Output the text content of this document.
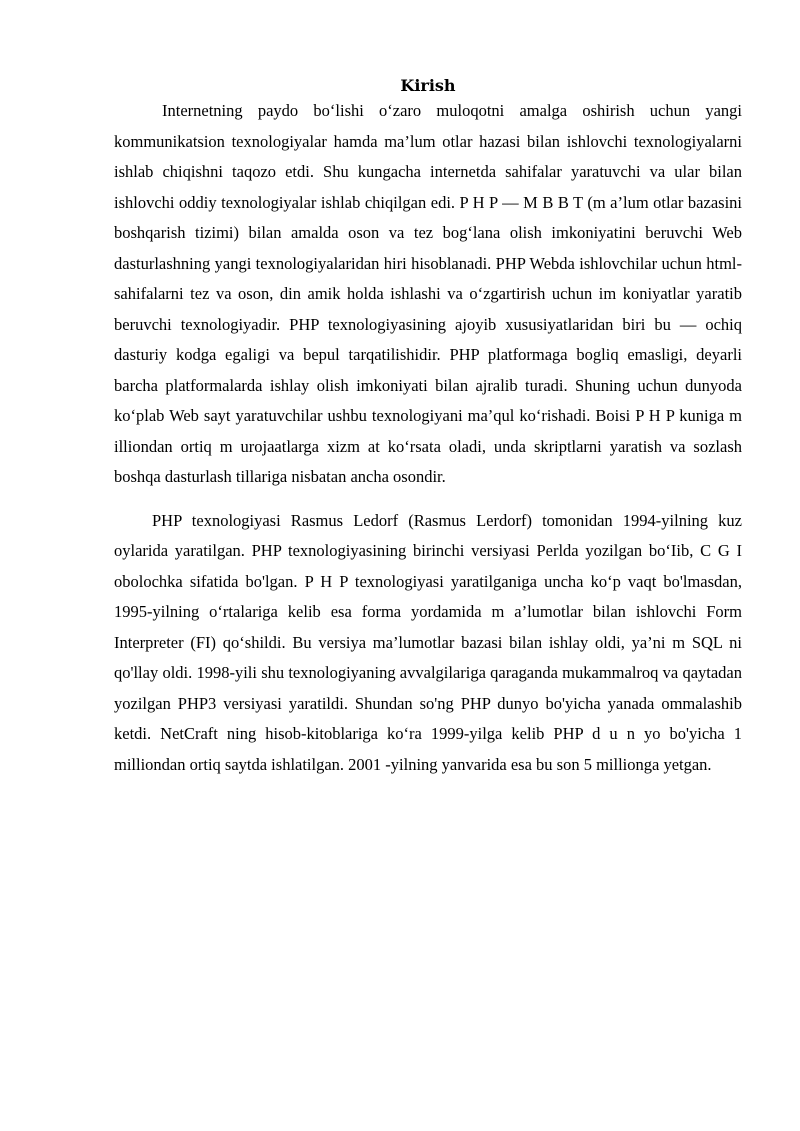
Kirish

Internetning paydo bo‘lishi o‘zaro muloqotni amalga oshirish uchun yangi kommunikatsion texnologiyalar hamda ma’lum otlar hazasi bilan ishlovchi texnologiyalarni ishlab chiqishni taqozo etdi. Shu kungacha internetda sahifalar yaratuvchi va ular bilan ishlovchi oddiy texnologiyalar ishlab chiqilgan edi. P H P — M B B T (m a’lum otlar bazasini boshqarish tizimi) bilan amalda oson va tez bog‘lana olish imkoniyatini beruvchi Web dasturlashning yangi texnologiyalaridan hiri hisoblanadi. PHP Webda ishlovchilar uchun html-sahifalarni tez va oson, din amik holda ishlashi va o‘zgartirish uchun im koniyatlar yaratib beruvchi texnologiyadir. PHP texnologiyasining ajoyib xususiyatlaridan biri bu — ochiq dasturiy kodga egaligi va bepul tarqatilishidir. PHP platformaga bogliq emasligi, deyarli barcha platformalarda ishlay olish imkoniyati bilan ajralib turadi. Shuning uchun dunyoda ko‘plab Web sayt yaratuvchilar ushbu texnologiyani ma’qul ko‘rishadi. Boisi P H P kuniga m illiondan ortiq m urojaatlarga xizm at ko‘rsata oladi, unda skriptlarni yaratish va sozlash boshqa dasturlash tillariga nisbatan ancha osondir.

PHP texnologiyasi Rasmus Ledorf (Rasmus Lerdorf) tomonidan 1994-yilning kuz oylarida yaratilgan. PHP texnologiyasining birinchi versiyasi Perlda yozilgan bo‘Iib, C G I obolochka sifatida bo'lgan. P H P texnologiyasi yaratilganiga uncha ko‘p vaqt bo'lmasdan, 1995-yilning o‘rtalariga kelib esa forma yordamida m a’lumotlar bilan ishlovchi Form Interpreter (FI) qo‘shildi. Bu versiya ma’lumotlar bazasi bilan ishlay oldi, ya’ni m SQL ni qo'llay oldi. 1998-yili shu texnologiyaning avvalgilariga qaraganda mukammalroq va qaytadan yozilgan PHP3 versiyasi yaratildi. Shundan so'ng PHP dunyo bo'yicha yanada ommalashib ketdi. NetCraft ning hisob-kitoblariga ko‘ra 1999-yilga kelib PHP d u n yo bo'yicha 1 milliondan ortiq saytda ishlatilgan. 2001 -yilning yanvarida esa bu son 5 millionga yetgan.
